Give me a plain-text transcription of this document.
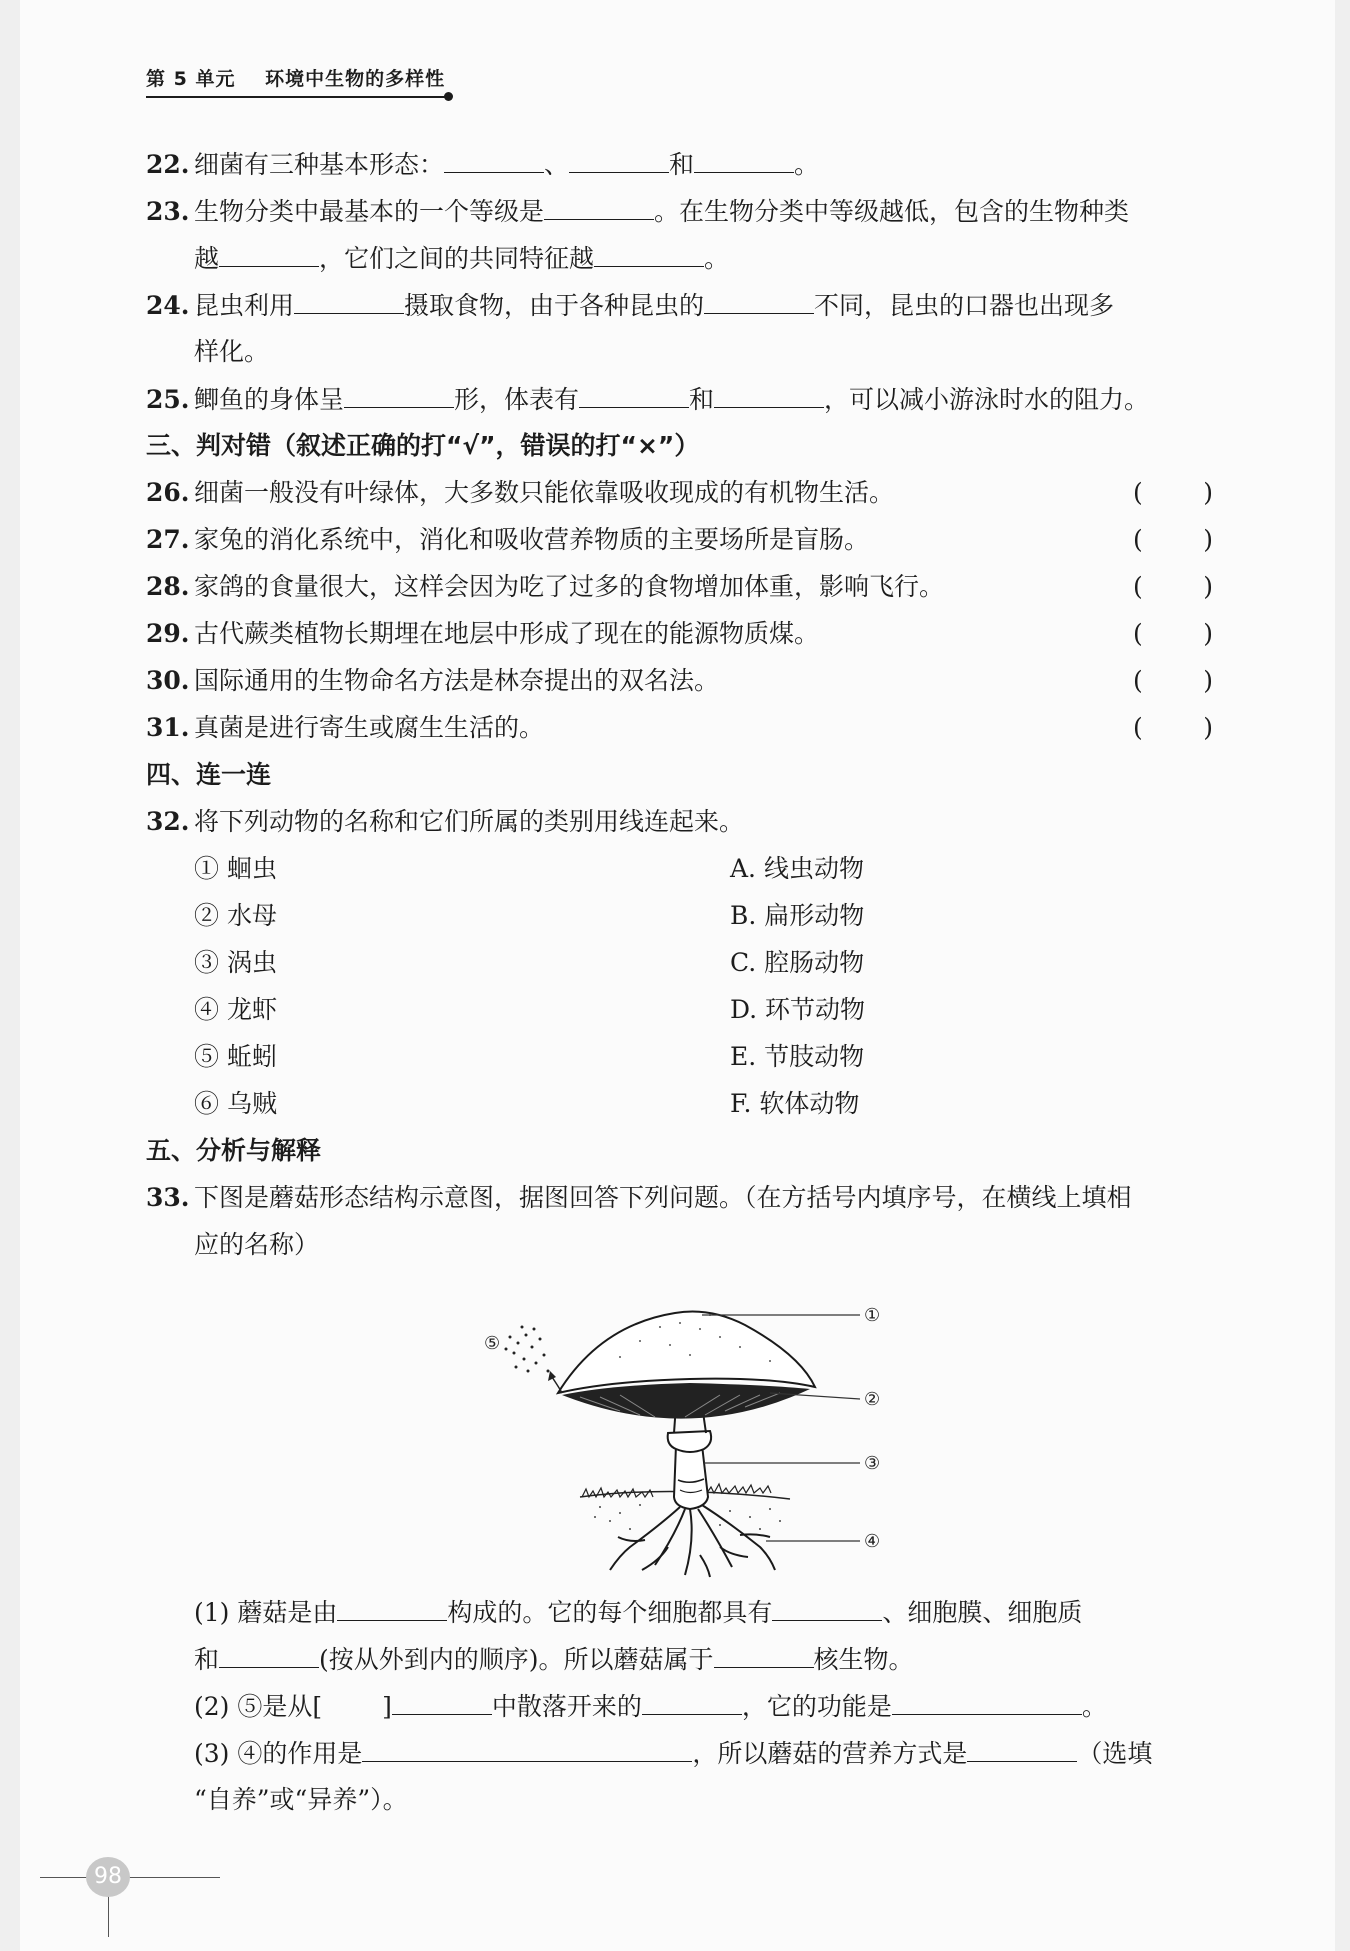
第 5 单元 环境中生物的多样性
22. 细菌有三种基本形态：	、	和	。
23. 生物分类中最基本的一个等级是	。在生物分类中等级越低，包含的生物种类
越	，它们之间的共同特征越	。
24. 昆虫利用	摄取食物，由于各种昆虫的	不同，昆虫的口器也出现多
样化。
25. 鲫鱼的身体呈	形，体表有	和	，可以减小游泳时水的阻力。
三、判对错（叙述正确的打“√”，错误的打“×”）
26. 细菌一般没有叶绿体，大多数只能依靠吸收现成的有机物生活。	( )
27. 家兔的消化系统中，消化和吸收营养物质的主要场所是盲肠。	( )
28. 家鸽的食量很大，这样会因为吃了过多的食物增加体重，影响飞行。	( )
29. 古代蕨类植物长期埋在地层中形成了现在的能源物质煤。	( )
30. 国际通用的生物命名方法是林奈提出的双名法。	( )
31. 真菌是进行寄生或腐生生活的。	( )
四、连一连
32. 将下列动物的名称和它们所属的类别用线连起来。
① 蛔虫	A. 线虫动物
② 水母	B. 扁形动物
③ 涡虫	C. 腔肠动物
④ 龙虾	D. 环节动物
⑤ 蚯蚓	E. 节肢动物
⑥ 乌贼	F. 软体动物
五、分析与解释
33. 下图是蘑菇形态结构示意图，据图回答下列问题。（在方括号内填序号，在横线上填相
应的名称）
①
②
③
④
⑤
(1) 蘑菇是由	构成的。它的每个细胞都具有	、细胞膜、细胞质
和	(按从外到内的顺序)。所以蘑菇属于	核生物。
(2) ⑤是从[ ]	中散落开来的	，它的功能是	。
(3) ④的作用是	，所以蘑菇的营养方式是	（选填
“自养”或“异养”）。
98
